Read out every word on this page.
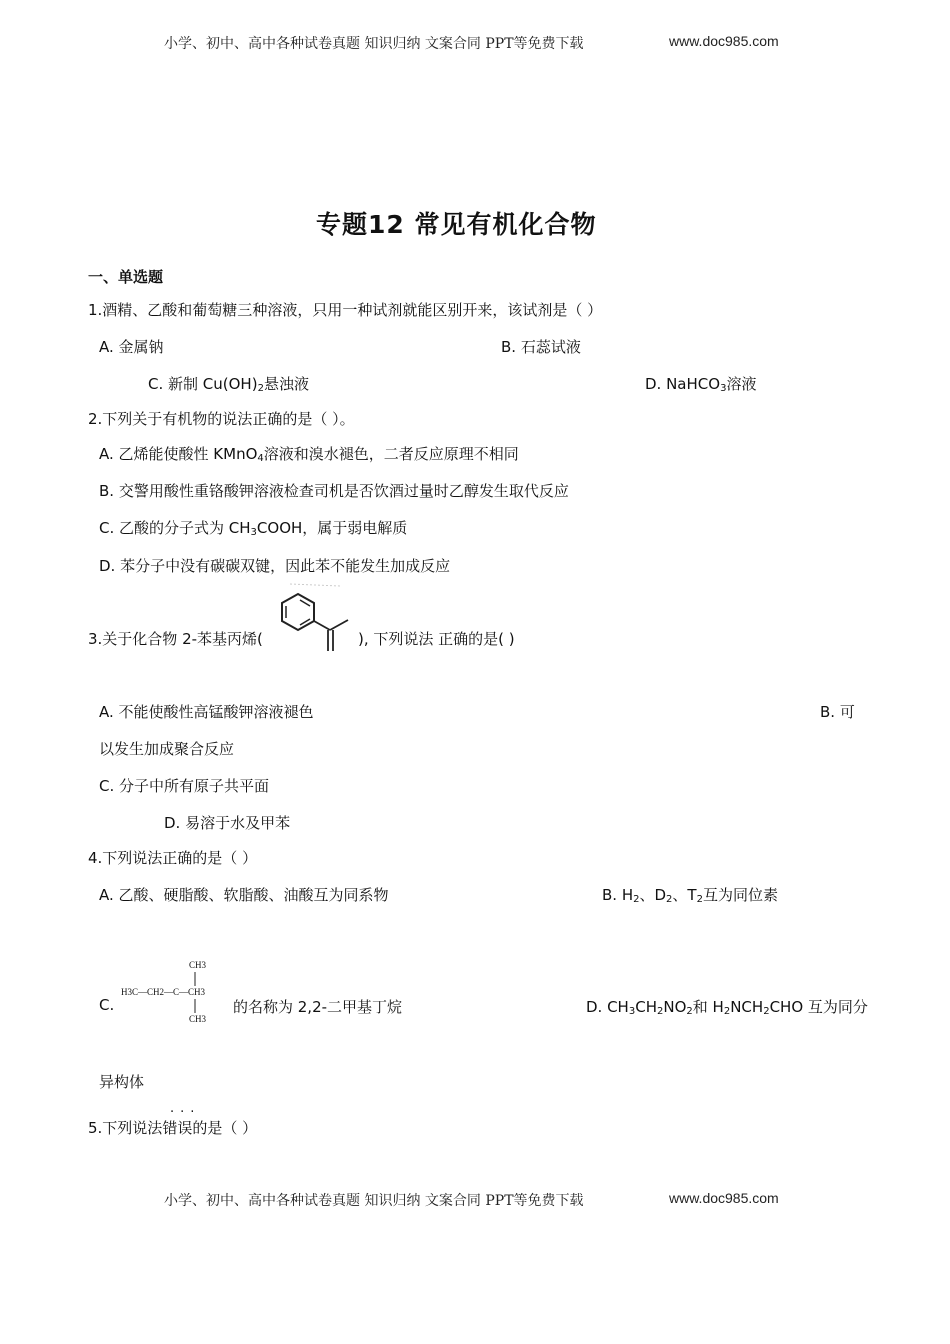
小学、初中、高中各种试卷真题 知识归纳 文案合同 PPT等免费下载	www.doc985.com
专题12 常见有机化合物
一、单选题
1.酒精、乙酸和葡萄糖三种溶液，只用一种试剂就能区别开来，该试剂是（ ）
A. 金属钠	B. 石蕊试液
C. 新制 $Cu(OH)_2$悬浊液	D. NaHCO$_3$溶液
2.下列关于有机物的说法正确的是（ ）。
A. 乙烯能使酸性 KMnO$_4$溶液和溴水褪色，二者反应原理不相同
B. 交警用酸性重铬酸钾溶液检查司机是否饮酒过量时乙醇发生取代反应
C. 乙酸的分子式为 $CH_3COOH$，属于弱电解质
D. 苯分子中没有碳碳双键，因此苯不能发生加成反应
3.关于化合物 2-苯基丙烯(	), 下列说法 正确的是( )
A. 不能使酸性高锰酸钾溶液褪色	B. 可
以发生加成聚合反应
C. 分子中所有原子共平面
D. 易溶于水及甲苯
4.下列说法正确的是（ ）
A. 乙酸、硬脂酸、软脂酸、油酸互为同系物	B. $H_2$、$D_2$、$T_2$互为同位素
C.
CH3
H3C—CH2—C—CH3
CH3
的名称为 2,2-二甲基丁烷	D. $CH_3CH_2NO_2$和 $H_2NCH_2CHO$ 互为同分
异构体
...
5.下列说法错误的是（ ）
小学、初中、高中各种试卷真题 知识归纳 文案合同 PPT等免费下载	www.doc985.com
